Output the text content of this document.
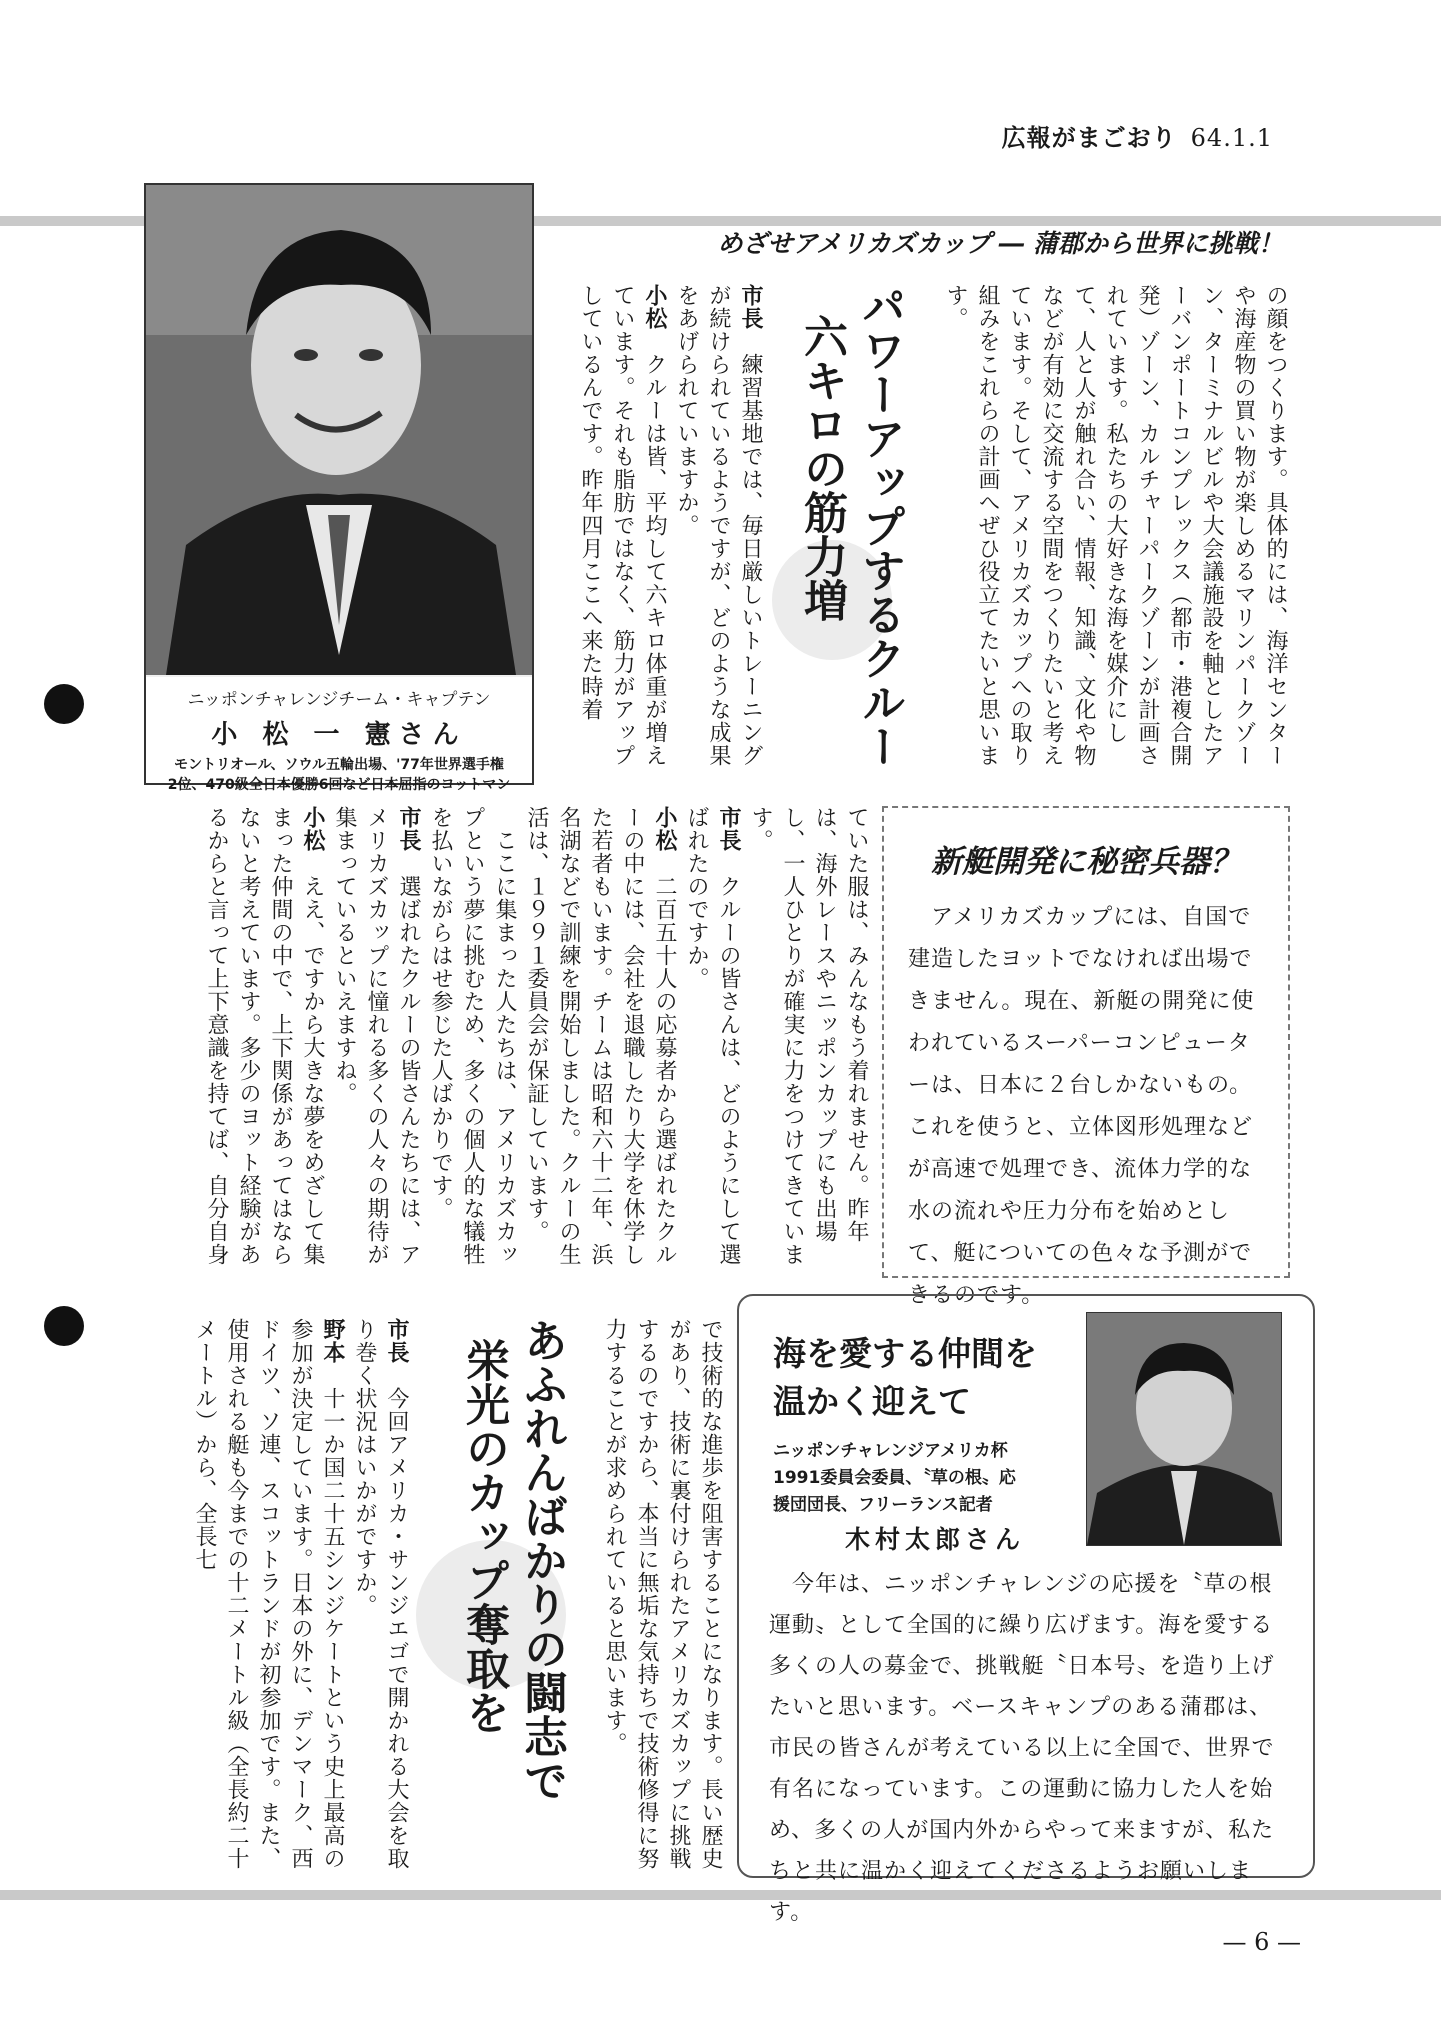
広報がまごおり 64.1.1
めざせアメリカズカップ ― 蒲郡から世界に挑戦！
ニッポンチャレンジチーム・キャプテン
小 松 一 憲さん
モントリオール、ソウル五輪出場、'77年世界選手権
2位、470級全日本優勝6回など日本屈指のヨットマン
の顔をつくります。具体的には、海洋センターや海産物の買い物が楽しめるマリンパークゾーン、ターミナルビルや大会議施設を軸としたアーバンポートコンプレックス（都市・港複合開発）ゾーン、カルチャーパークゾーンが計画されています。私たちの大好きな海を媒介にして、人と人が触れ合い、情報、知識、文化や物などが有効に交流する空間をつくりたいと考えています。そして、アメリカズカップへの取り組みをこれらの計画へぜひ役立てたいと思います。
パワーアップするクルー
六キロの筋力増

市長　練習基地では、毎日厳しいトレーニングが続けられているようですが、どのような成果をあげられていますか。

小松　クルーは皆、平均して六キロ体重が増えています。それも脂肪ではなく、筋力がアップしているんです。昨年四月ここへ来た時着

ていた服は、みんなもう着れません。昨年は、海外レースやニッポンカップにも出場し、一人ひとりが確実に力をつけてきています。

市長　クルーの皆さんは、どのようにして選ばれたのですか。

小松　二百五十人の応募者から選ばれたクルーの中には、会社を退職したり大学を休学した若者もいます。チームは昭和六十二年、浜名湖などで訓練を開始しました。クルーの生活は、１９９１委員会が保証しています。

　ここに集まった人たちは、アメリカズカップという夢に挑むため、多くの個人的な犠牲を払いながらはせ参じた人ばかりです。

市長　選ばれたクルーの皆さんたちには、アメリカズカップに憧れる多くの人々の期待が集まっているといえますね。

小松　ええ、ですから大きな夢をめざして集まった仲間の中で、上下関係があってはならないと考えています。多少のヨット経験があるからと言って上下意識を持てば、自分自身	新艇開発に秘密兵器？
　アメリカズカップには、自国で建造したヨットでなければ出場できません。現在、新艇の開発に使われているスーパーコンピューターは、日本に２台しかないもの。これを使うと、立体図形処理などが高速で処理でき、流体力学的な水の流れや圧力分布を始めとして、艇についての色々な予測ができるのです。
で技術的な進歩を阻害することになります。長い歴史があり、技術に裏付けられたアメリカズカップに挑戦するのですから、本当に無垢な気持ちで技術修得に努力することが求められていると思います。
あふれんばかりの闘志で
栄光のカップ奪取を

市長　今回アメリカ・サンジエゴで開かれる大会を取り巻く状況はいかがですか。

野本　十一か国二十五シンジケートという史上最高の参加が決定しています。日本の外に、デンマーク、西ドイツ、ソ連、スコットランドが初参加です。また、使用される艇も今までの十二メートル級（全長約二十メートル）から、全長七	海を愛する仲間を
温かく迎えて
ニッポンチャレンジアメリカ杯
1991委員会委員、〝草の根〟応
援団団長、フリーランス記者
木村太郎さん
　今年は、ニッポンチャレンジの応援を〝草の根運動〟として全国的に繰り広げます。海を愛する多くの人の募金で、挑戦艇〝日本号〟を造り上げたいと思います。ベースキャンプのある蒲郡は、市民の皆さんが考えている以上に全国で、世界で有名になっています。この運動に協力した人を始め、多くの人が国内外からやって来ますが、私たちと共に温かく迎えてくださるようお願いします。
— 6 —
